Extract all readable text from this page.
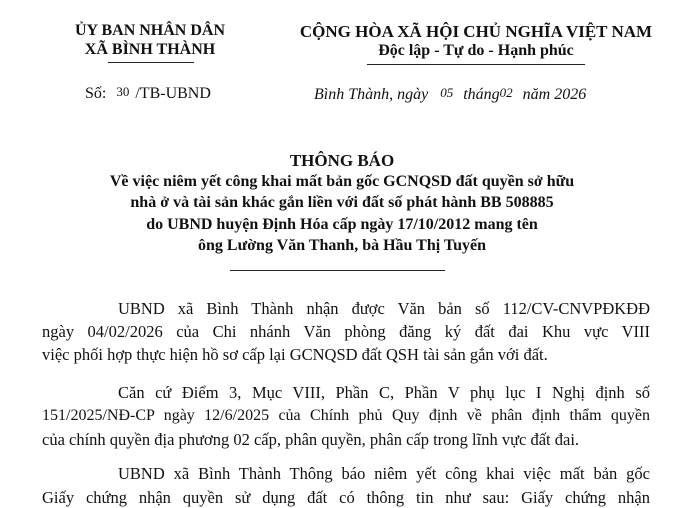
ỦY BAN NHÂN DÂN
XÃ BÌNH THÀNH
Số: 30 /TB-UBND
CỘNG HÒA XÃ HỘI CHỦ NGHĨA VIỆT NAM
Độc lập - Tự do - Hạnh phúc
Bình Thành, ngày 05 tháng02 năm 2026
THÔNG BÁO
Về việc niêm yết công khai mất bản gốc GCNQSD đất quyền sở hữu
nhà ở và tài sản khác gắn liền với đất số phát hành BB 508885
do UBND huyện Định Hóa cấp ngày 17/10/2012 mang tên
ông Lường Văn Thanh, bà Hầu Thị Tuyến
UBND xã Bình Thành nhận được Văn bản số 112/CV-CNVPĐKĐĐ
ngày 04/02/2026 của Chi nhánh Văn phòng đăng ký đất đai Khu vực VIII
việc phối hợp thực hiện hồ sơ cấp lại GCNQSD đất QSH tài sản gắn với đất.
Căn cứ Điểm 3, Mục VIII, Phần C, Phần V phụ lục I Nghị định số
151/2025/NĐ-CP ngày 12/6/2025 của Chính phủ Quy định về phân định thẩm quyền
của chính quyền địa phương 02 cấp, phân quyền, phân cấp trong lĩnh vực đất đai.
UBND xã Bình Thành Thông báo niêm yết công khai việc mất bản gốc
Giấy chứng nhận quyền sử dụng đất có thông tin như sau: Giấy chứng nhận
